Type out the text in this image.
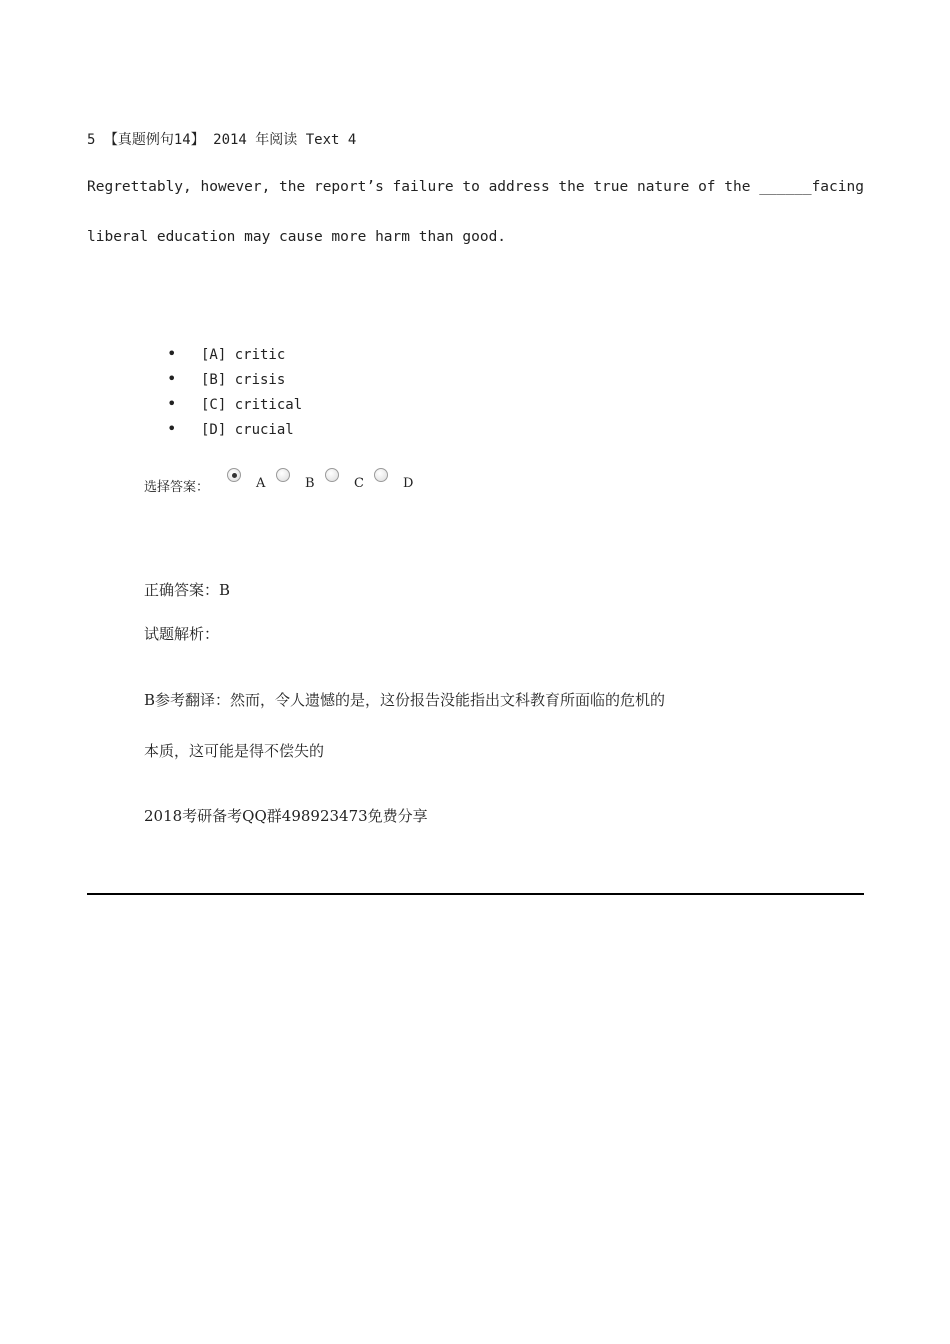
5 【真题例句14】 2014 年阅读 Text 4
Regrettably, however, the report’s failure to address the true nature of the ______facing
liberal education may cause more harm than good.
• [A] critic
• [B] crisis
• [C] critical
• [D] crucial
选择答案：	A	B	C	D
正确答案：B
试题解析：
B参考翻译：然而，令人遗憾的是，这份报告没能指出文科教育所面临的危机的
本质，这可能是得不偿失的
2018考研备考QQ群498923473免费分享
